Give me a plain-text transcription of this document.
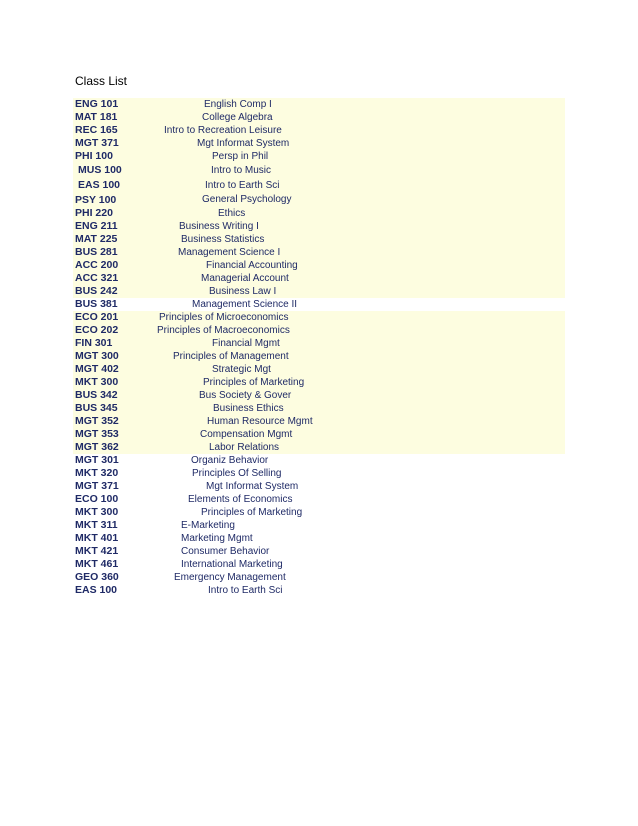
Class List
ENG 101	English Comp I
MAT 181	College Algebra
REC 165	Intro to Recreation Leisure
MGT 371	Mgt Informat System
PHI 100	Persp in Phil
MUS 100	Intro to Music
EAS 100	Intro to Earth Sci
PSY 100	General Psychology
PHI 220	Ethics
ENG 211	Business Writing I
MAT 225	Business Statistics
BUS 281	Management Science I
ACC 200	Financial Accounting
ACC 321	Managerial Account
BUS 242	Business Law I
BUS 381	Management Science II
ECO 201	Principles of Microeconomics
ECO 202	Principles of Macroeconomics
FIN 301	Financial Mgmt
MGT 300	Principles of Management
MGT 402	Strategic Mgt
MKT 300	Principles of Marketing
BUS 342	Bus Society & Gover
BUS 345	Business Ethics
MGT 352	Human Resource Mgmt
MGT 353	Compensation Mgmt
MGT 362	Labor Relations
MGT 301	Organiz Behavior
MKT 320	Principles Of Selling
MGT 371	Mgt Informat System
ECO 100	Elements of Economics
MKT 300	Principles of Marketing
MKT 311	E-Marketing
MKT 401	Marketing Mgmt
MKT 421	Consumer Behavior
MKT 461	International Marketing
GEO 360	Emergency Management
EAS 100	Intro to Earth Sci
